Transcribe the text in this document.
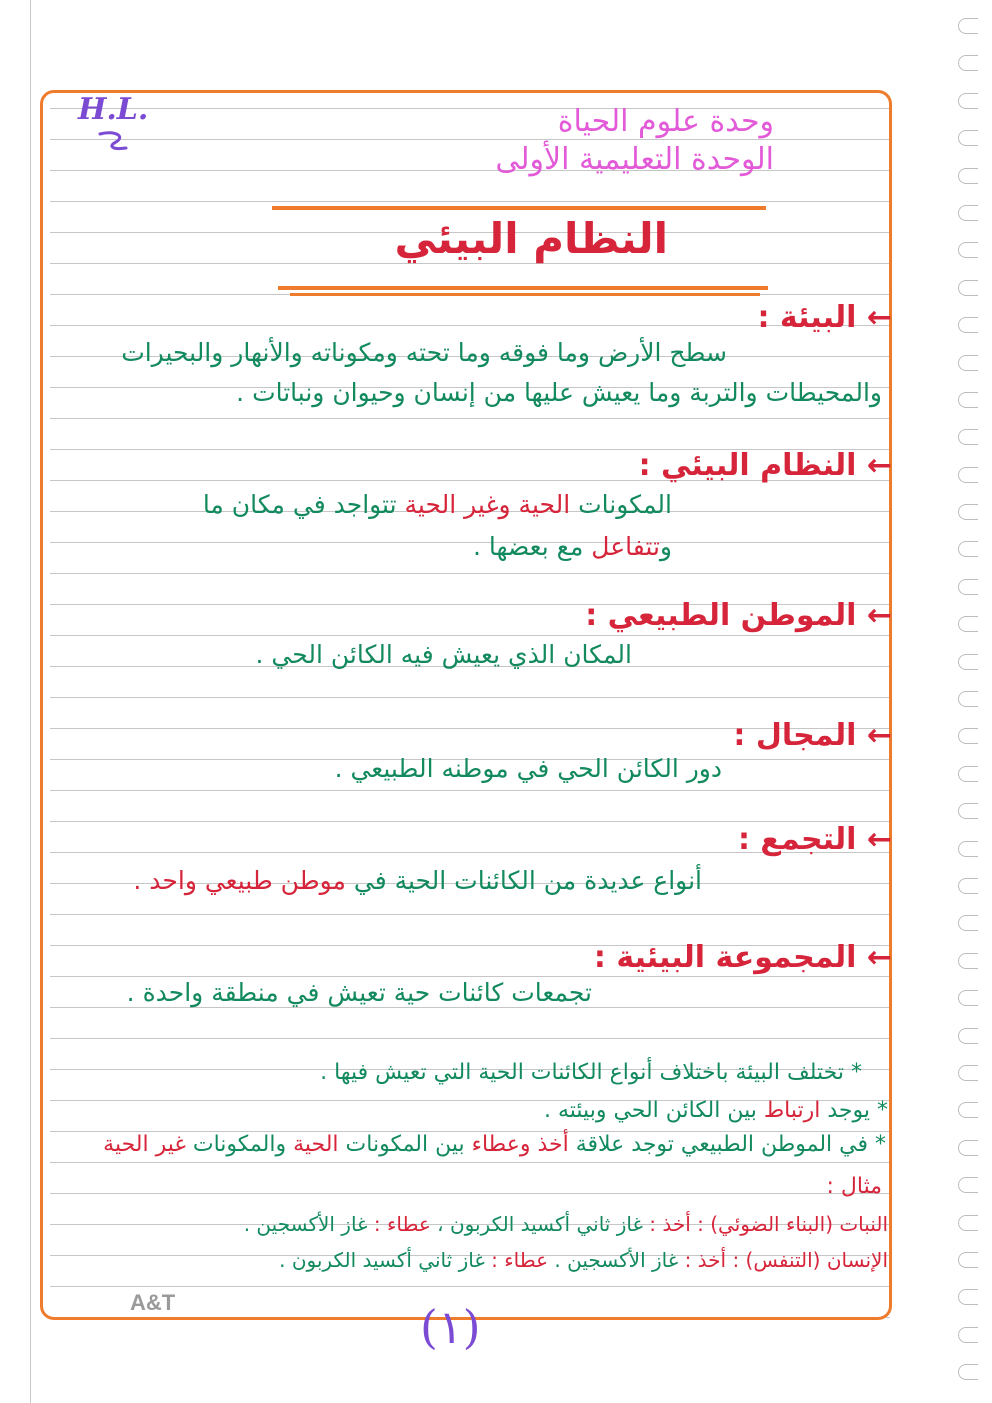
H.L.	وحدة علوم الحياة
الوحدة التعليمية الأولى
النظام البيئي
← البيئة :
سطح الأرض وما فوقه وما تحته ومكوناته والأنهار والبحيرات
والمحيطات والتربة وما يعيش عليها من إنسان وحيوان ونباتات .
← النظام البيئي :
المكونات الحية وغير الحية تتواجد في مكان ما
وتتفاعل مع بعضها .
← الموطن الطبيعي :
المكان الذي يعيش فيه الكائن الحي .
← المجال :
دور الكائن الحي في موطنه الطبيعي .
← التجمع :
أنواع عديدة من الكائنات الحية في موطن طبيعي واحد .
← المجموعة البيئية :
تجمعات كائنات حية تعيش في منطقة واحدة .
* تختلف البيئة باختلاف أنواع الكائنات الحية التي تعيش فيها .
* يوجد ارتباط بين الكائن الحي وبيئته .
* في الموطن الطبيعي توجد علاقة أخذ وعطاء بين المكونات الحية والمكونات غير الحية
مثال :
النبات (البناء الضوئي) : أخذ : غاز ثاني أكسيد الكربون ، عطاء : غاز الأكسجين .
الإنسان (التنفس) : أخذ : غاز الأكسجين . عطاء : غاز ثاني أكسيد الكربون .
A&T	(١)
